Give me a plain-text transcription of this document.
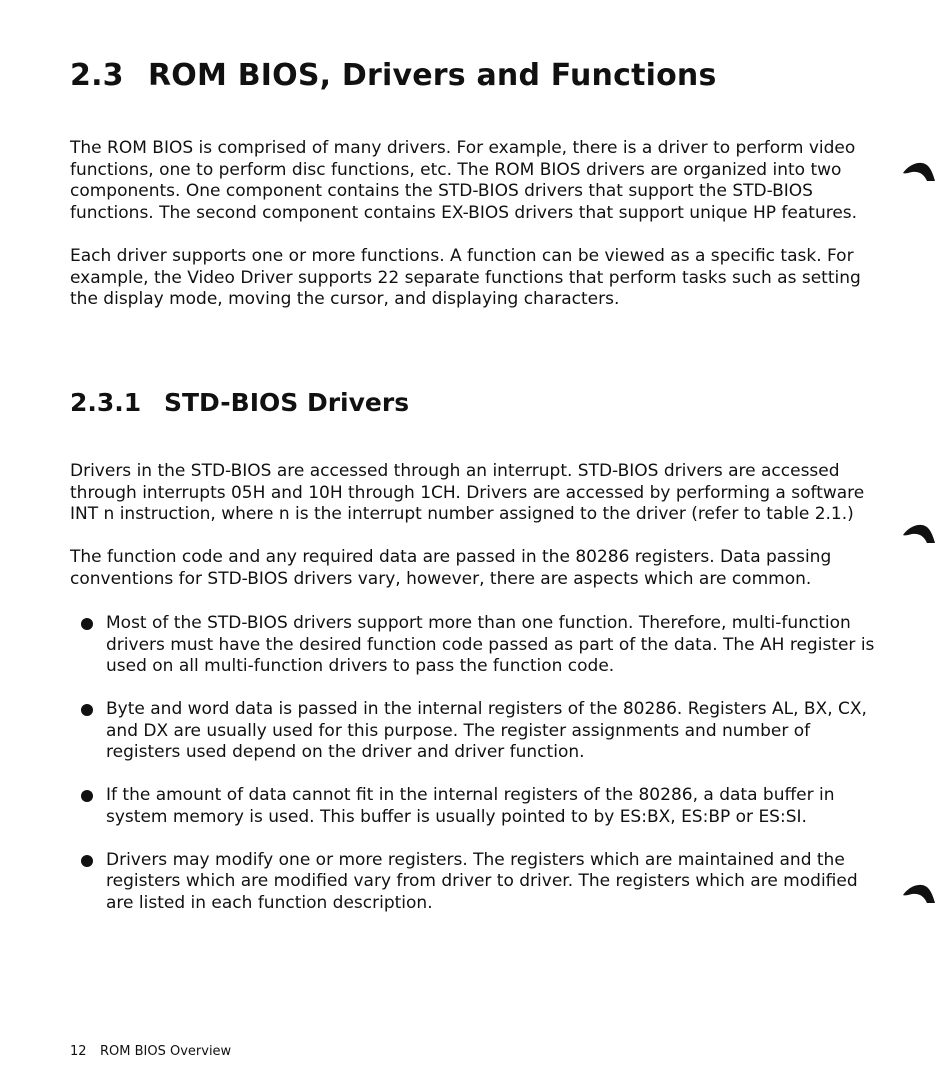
2.3 ROM BIOS, Drivers and Functions

The ROM BIOS is comprised of many drivers. For example, there is a driver to perform video functions, one to perform disc functions, etc. The ROM BIOS drivers are organized into two components. One component contains the STD-BIOS drivers that support the STD-BIOS functions. The second component contains EX-BIOS drivers that support unique HP features.

Each driver supports one or more functions. A function can be viewed as a specific task. For example, the Video Driver supports 22 separate functions that perform tasks such as setting the display mode, moving the cursor, and displaying characters.

2.3.1 STD-BIOS Drivers

Drivers in the STD-BIOS are accessed through an interrupt. STD-BIOS drivers are accessed through interrupts 05H and 10H through 1CH. Drivers are accessed by performing a software INT n instruction, where n is the interrupt number assigned to the driver (refer to table 2.1.)

The function code and any required data are passed in the 80286 registers. Data passing conventions for STD-BIOS drivers vary, however, there are aspects which are common.

Most of the STD-BIOS drivers support more than one function. Therefore, multi-function drivers must have the desired function code passed as part of the data. The AH register is used on all multi-function drivers to pass the function code.
Byte and word data is passed in the internal registers of the 80286. Registers AL, BX, CX, and DX are usually used for this purpose. The register assignments and number of registers used depend on the driver and driver function.
If the amount of data cannot fit in the internal registers of the 80286, a data buffer in system memory is used. This buffer is usually pointed to by ES:BX, ES:BP or ES:SI.
Drivers may modify one or more registers. The registers which are maintained and the registers which are modified vary from driver to driver. The registers which are modified are listed in each function description.
12 ROM BIOS Overview
